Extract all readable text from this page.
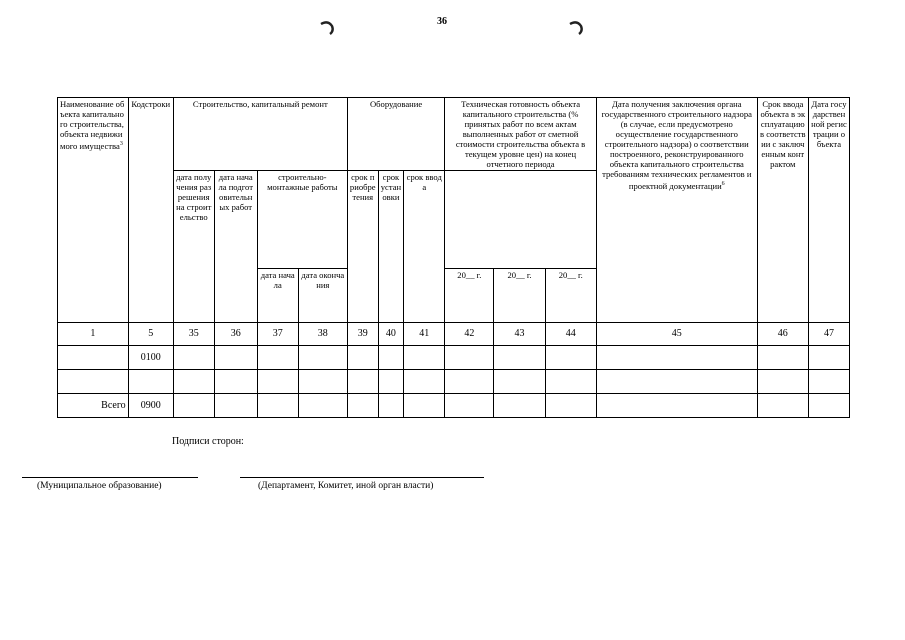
36
Наименование объекта капитального строительства, объекта недвижимого имущества$^3$	Кодстроки	Строительство, капитальный ремонт				Оборудование			Техническая готовность объекта капитального строительства (% принятых работ по всем актам выполненных работ от сметной стоимости строительства объекта в текущем уровне цен) на конец отчетного периода			Дата получения заключения органа государственного строительного надзора (в случае, если предусмотрено осуществление государственного строительного надзора) о соответствии построенного, реконструированного объекта капитального строительства требованиям технических регламентов и проектной документации$^6$	Срок ввода объекта в эксплуатацию в соответствии с заключенным контрактом	Дата государственной регистрации объекта
		дата получения разрешения на строительство	дата начала подготовительных работ	строительно-монтажные работы		срок приобретения	срок установки	срок ввода						
				дата начала	дата окончания				20__ г.	20__ г.	20__ г.			
1	5	35	36	37	38	39	40	41	42	43	44	45	46	47
	0100													

Всего	0900													
Подписи сторон:
(Муниципальное образование)	(Департамент, Комитет, иной орган власти)
